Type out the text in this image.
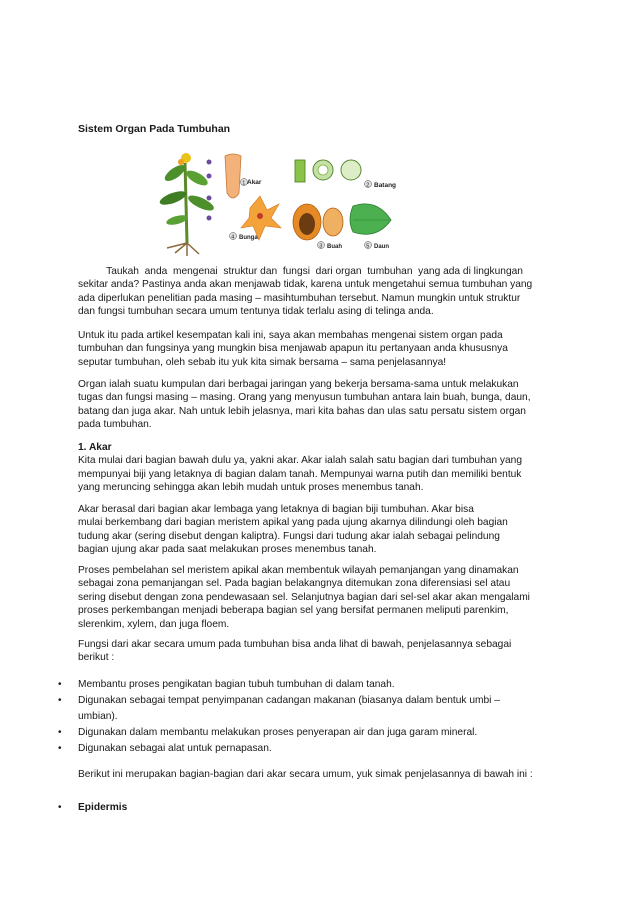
Sistem Organ Pada Tumbuhan
Akar
1	2 Batang
4 Bunga
3 Buah	5 Daun
Taukah  anda  mengenai  struktur dan  fungsi  dari organ  tumbuhan  yang ada di lingkungan
sekitar anda? Pastinya anda akan menjawab tidak, karena untuk mengetahui semua tumbuhan yang
ada diperlukan penelitian pada masing – masihtumbuhan tersebut. Namun mungkin untuk struktur
dan fungsi tumbuhan secara umum tentunya tidak terlalu asing di telinga anda.
Untuk itu pada artikel kesempatan kali ini, saya akan membahas mengenai sistem organ pada
tumbuhan dan fungsinya yang mungkin bisa menjawab apapun itu pertanyaan anda khususnya
seputar tumbuhan, oleh sebab itu yuk kita simak bersama – sama penjelasannya!
Organ ialah suatu kumpulan dari berbagai jaringan yang bekerja bersama-sama untuk melakukan
tugas dan fungsi masing – masing. Orang yang menyusun tumbuhan antara lain buah, bunga, daun,
batang dan juga akar. Nah untuk lebih jelasnya, mari kita bahas dan ulas satu persatu sistem organ
pada tumbuhan.
1. Akar
Kita mulai dari bagian bawah dulu ya, yakni akar. Akar ialah salah satu bagian dari tumbuhan yang
mempunyai biji yang letaknya di bagian dalam tanah. Mempunyai warna putih dan memiliki bentuk
yang meruncing sehingga akan lebih mudah untuk proses menembus tanah.
Akar berasal dari bagian akar lembaga yang letaknya di bagian biji tumbuhan. Akar bisa
mulai berkembang dari bagian meristem apikal yang pada ujung akarnya dilindungi oleh bagian
tudung akar (sering disebut dengan kaliptra). Fungsi dari tudung akar ialah sebagai pelindung
bagian ujung akar pada saat melakukan proses menembus tanah.
Proses pembelahan sel meristem apikal akan membentuk wilayah pemanjangan yang dinamakan
sebagai zona pemanjangan sel. Pada bagian belakangnya ditemukan zona diferensiasi sel atau
sering disebut dengan zona pendewasaan sel. Selanjutnya bagian dari sel-sel akar akan mengalami
proses perkembangan menjadi beberapa bagian sel yang bersifat permanen meliputi parenkim,
slerenkim, xylem, dan juga floem.
Fungsi dari akar secara umum pada tumbuhan bisa anda lihat di bawah, penjelasannya sebagai
berikut :
• Membantu proses pengikatan bagian tubuh tumbuhan di dalam tanah.
• Digunakan sebagai tempat penyimpanan cadangan makanan (biasanya dalam bentuk umbi –
umbian).
• Digunakan dalam membantu melakukan proses penyerapan air dan juga garam mineral.
• Digunakan sebagai alat untuk pernapasan.
Berikut ini merupakan bagian-bagian dari akar secara umum, yuk simak penjelasannya di bawah ini :
• Epidermis
